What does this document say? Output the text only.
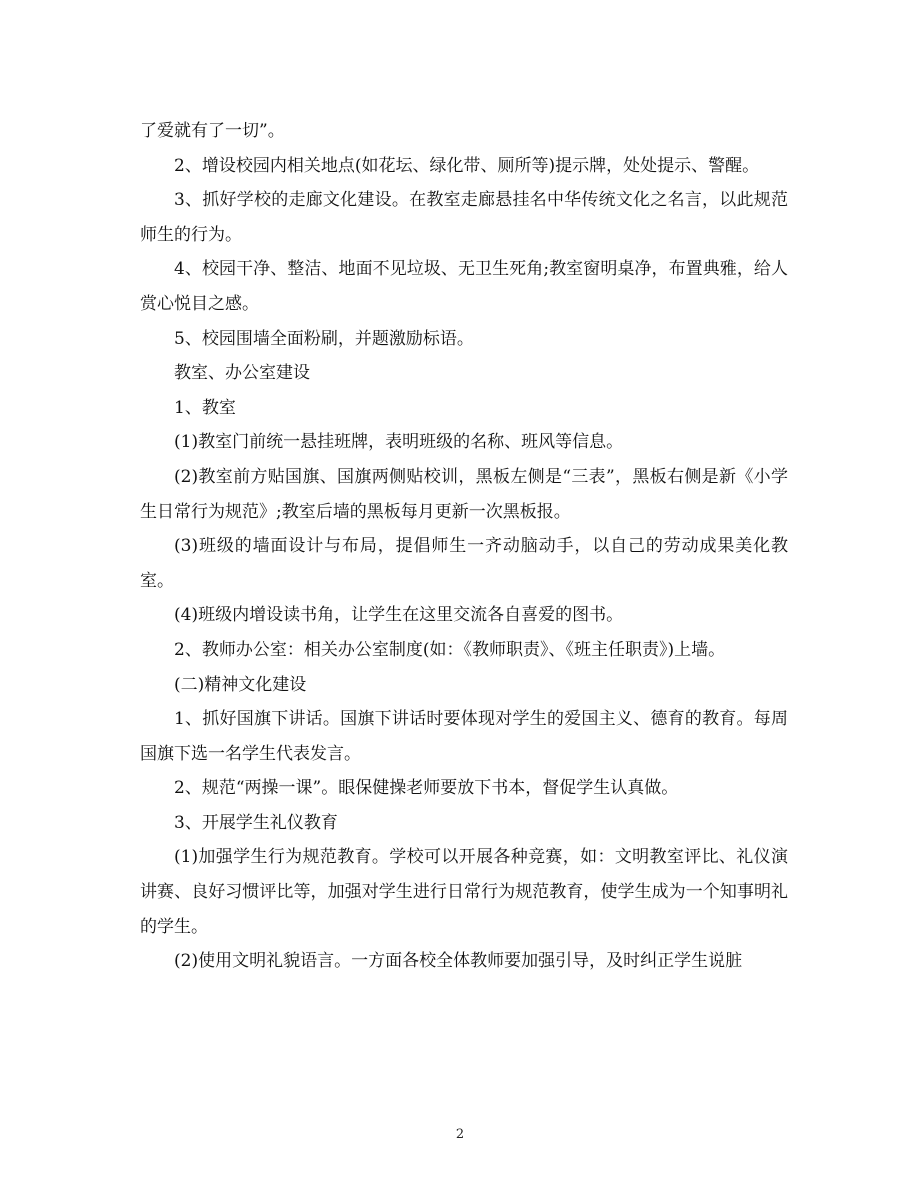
了爱就有了一切”。

2、增设校园内相关地点(如花坛、绿化带、厕所等)提示牌，处处提示、警醒。

3、抓好学校的走廊文化建设。在教室走廊悬挂名中华传统文化之名言，以此规范师生的行为。

4、校园干净、整洁、地面不见垃圾、无卫生死角;教室窗明桌净，布置典雅，给人赏心悦目之感。

5、校园围墙全面粉刷，并题激励标语。

教室、办公室建设

1、教室

(1)教室门前统一悬挂班牌，表明班级的名称、班风等信息。

(2)教室前方贴国旗、国旗两侧贴校训，黑板左侧是“三表”，黑板右侧是新《小学生日常行为规范》;教室后墙的黑板每月更新一次黑板报。

(3)班级的墙面设计与布局，提倡师生一齐动脑动手，以自己的劳动成果美化教室。

(4)班级内增设读书角，让学生在这里交流各自喜爱的图书。

2、教师办公室：相关办公室制度(如：《教师职责》、《班主任职责》)上墙。

(二)精神文化建设

1、抓好国旗下讲话。国旗下讲话时要体现对学生的爱国主义、德育的教育。每周国旗下选一名学生代表发言。

2、规范“两操一课”。眼保健操老师要放下书本，督促学生认真做。

3、开展学生礼仪教育

(1)加强学生行为规范教育。学校可以开展各种竞赛，如：文明教室评比、礼仪演讲赛、良好习惯评比等，加强对学生进行日常行为规范教育，使学生成为一个知事明礼的学生。

(2)使用文明礼貌语言。一方面各校全体教师要加强引导，及时纠正学生说脏

2
